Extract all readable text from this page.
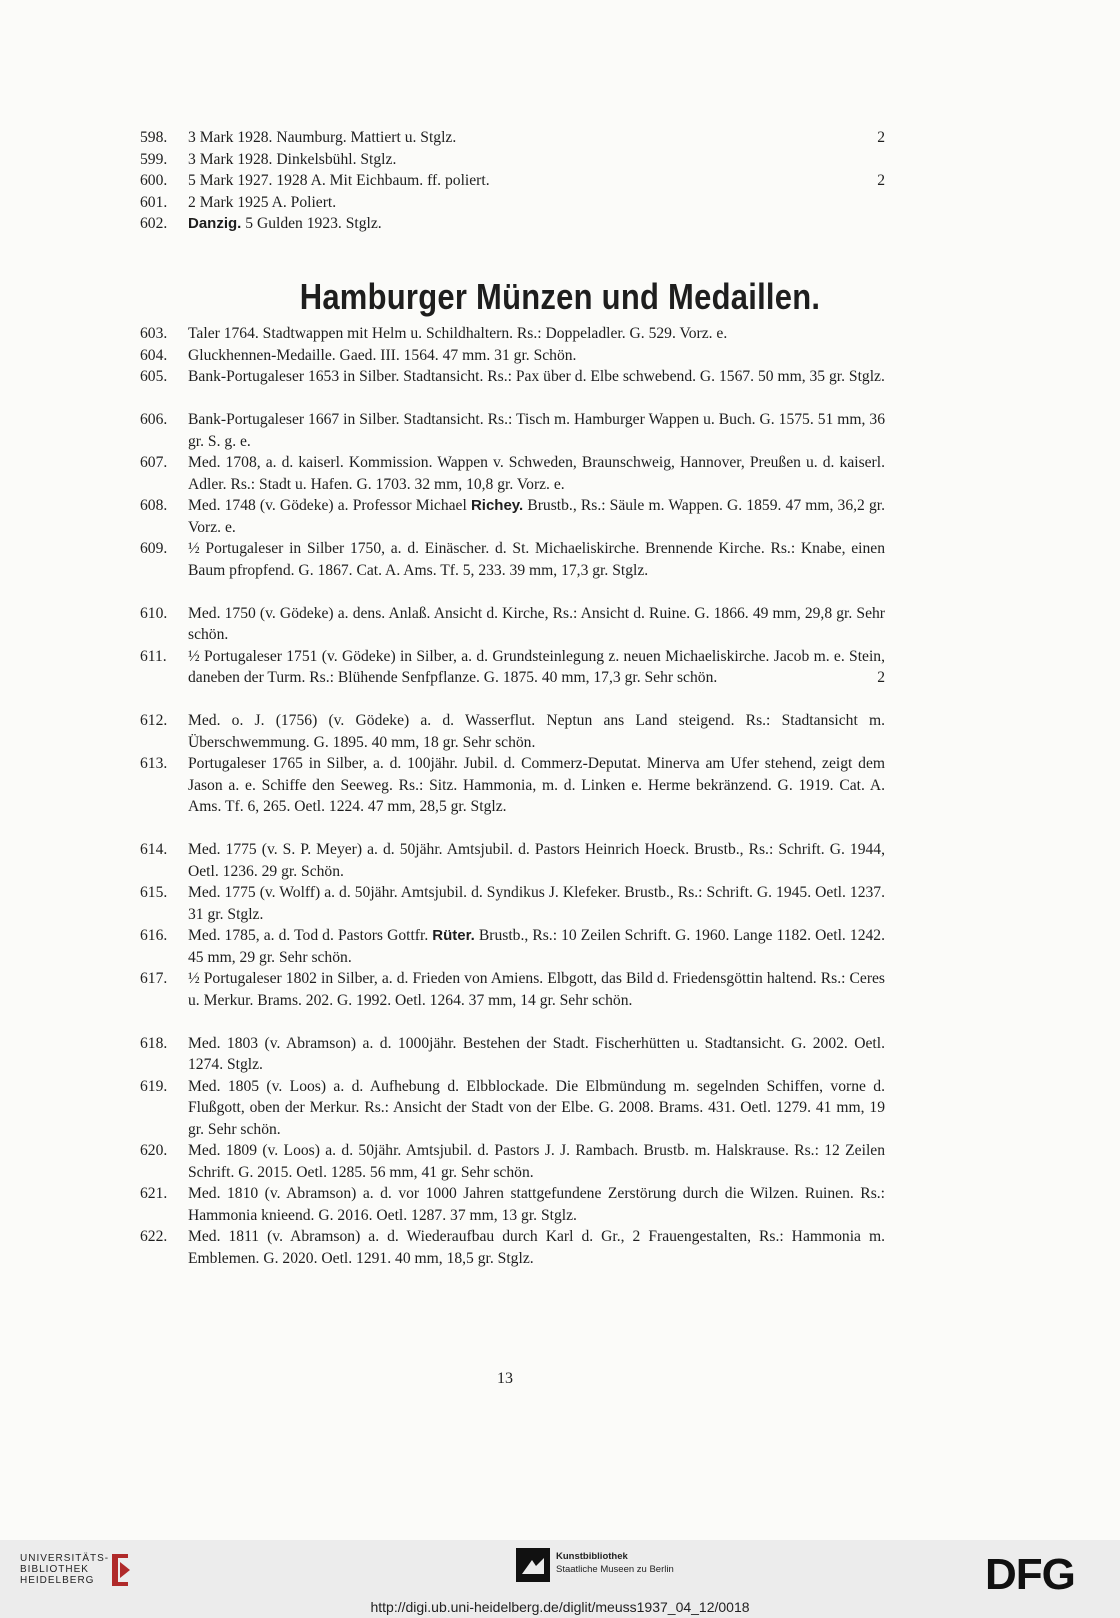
598.	3 Mark 1928. Naumburg. Mattiert u. Stglz.	2
599.	3 Mark 1928. Dinkelsbühl. Stglz.
600.	5 Mark 1927. 1928 A. Mit Eichbaum. ff. poliert.	2
601.	2 Mark 1925 A. Poliert.
602.	Danzig. 5 Gulden 1923. Stglz.
Hamburger Münzen und Medaillen.
603.	Taler 1764. Stadtwappen mit Helm u. Schildhaltern. Rs.: Doppeladler. G. 529. Vorz. e.
604.	Gluckhennen-Medaille. Gaed. III. 1564. 47 mm. 31 gr. Schön.
605.	Bank-Portugaleser 1653 in Silber. Stadtansicht. Rs.: Pax über d. Elbe schwebend. G. 1567. 50 mm, 35 gr. Stglz.
606.	Bank-Portugaleser 1667 in Silber. Stadtansicht. Rs.: Tisch m. Hamburger Wappen u. Buch. G. 1575. 51 mm, 36 gr. S. g. e.
607.	Med. 1708, a. d. kaiserl. Kommission. Wappen v. Schweden, Braunschweig, Hannover, Preußen u. d. kaiserl. Adler. Rs.: Stadt u. Hafen. G. 1703. 32 mm, 10,8 gr. Vorz. e.
608.	Med. 1748 (v. Gödeke) a. Professor Michael Richey. Brustb., Rs.: Säule m. Wappen. G. 1859. 47 mm, 36,2 gr. Vorz. e.
609.	½ Portugaleser in Silber 1750, a. d. Einäscher. d. St. Michaeliskirche. Brennende Kirche. Rs.: Knabe, einen Baum pfropfend. G. 1867. Cat. A. Ams. Tf. 5, 233. 39 mm, 17,3 gr. Stglz.
610.	Med. 1750 (v. Gödeke) a. dens. Anlaß. Ansicht d. Kirche, Rs.: Ansicht d. Ruine. G. 1866. 49 mm, 29,8 gr. Sehr schön.
611.	½ Portugaleser 1751 (v. Gödeke) in Silber, a. d. Grundsteinlegung z. neuen Michaeliskirche. Jacob m. e. Stein, daneben der Turm. Rs.: Blühende Senfpflanze. G. 1875. 40 mm, 17,3 gr. Sehr schön.	2
612.	Med. o. J. (1756) (v. Gödeke) a. d. Wasserflut. Neptun ans Land steigend. Rs.: Stadtansicht m. Überschwemmung. G. 1895. 40 mm, 18 gr. Sehr schön.
613.	Portugaleser 1765 in Silber, a. d. 100jähr. Jubil. d. Commerz-Deputat. Minerva am Ufer stehend, zeigt dem Jason a. e. Schiffe den Seeweg. Rs.: Sitz. Hammonia, m. d. Linken e. Herme bekränzend. G. 1919. Cat. A. Ams. Tf. 6, 265. Oetl. 1224. 47 mm, 28,5 gr. Stglz.
614.	Med. 1775 (v. S. P. Meyer) a. d. 50jähr. Amtsjubil. d. Pastors Heinrich Hoeck. Brustb., Rs.: Schrift. G. 1944, Oetl. 1236. 29 gr. Schön.
615.	Med. 1775 (v. Wolff) a. d. 50jähr. Amtsjubil. d. Syndikus J. Klefeker. Brustb., Rs.: Schrift. G. 1945. Oetl. 1237. 31 gr. Stglz.
616.	Med. 1785, a. d. Tod d. Pastors Gottfr. Rüter. Brustb., Rs.: 10 Zeilen Schrift. G. 1960. Lange 1182. Oetl. 1242. 45 mm, 29 gr. Sehr schön.
617.	½ Portugaleser 1802 in Silber, a. d. Frieden von Amiens. Elbgott, das Bild d. Friedensgöttin haltend. Rs.: Ceres u. Merkur. Brams. 202. G. 1992. Oetl. 1264. 37 mm, 14 gr. Sehr schön.
618.	Med. 1803 (v. Abramson) a. d. 1000jähr. Bestehen der Stadt. Fischerhütten u. Stadtansicht. G. 2002. Oetl. 1274. Stglz.
619.	Med. 1805 (v. Loos) a. d. Aufhebung d. Elbblockade. Die Elbmündung m. segelnden Schiffen, vorne d. Flußgott, oben der Merkur. Rs.: Ansicht der Stadt von der Elbe. G. 2008. Brams. 431. Oetl. 1279. 41 mm, 19 gr. Sehr schön.
620.	Med. 1809 (v. Loos) a. d. 50jähr. Amtsjubil. d. Pastors J. J. Rambach. Brustb. m. Halskrause. Rs.: 12 Zeilen Schrift. G. 2015. Oetl. 1285. 56 mm, 41 gr. Sehr schön.
621.	Med. 1810 (v. Abramson) a. d. vor 1000 Jahren stattgefundene Zerstörung durch die Wilzen. Ruinen. Rs.: Hammonia knieend. G. 2016. Oetl. 1287. 37 mm, 13 gr. Stglz.
622.	Med. 1811 (v. Abramson) a. d. Wiederaufbau durch Karl d. Gr., 2 Frauengestalten, Rs.: Hammonia m. Emblemen. G. 2020. Oetl. 1291. 40 mm, 18,5 gr. Stglz.
13
UNIVERSITÄTS-
BIBLIOTHEK
HEIDELBERG
Kunstbibliothek
Staatliche Museen zu Berlin	DFG
http://digi.ub.uni-heidelberg.de/diglit/meuss1937_04_12/0018
